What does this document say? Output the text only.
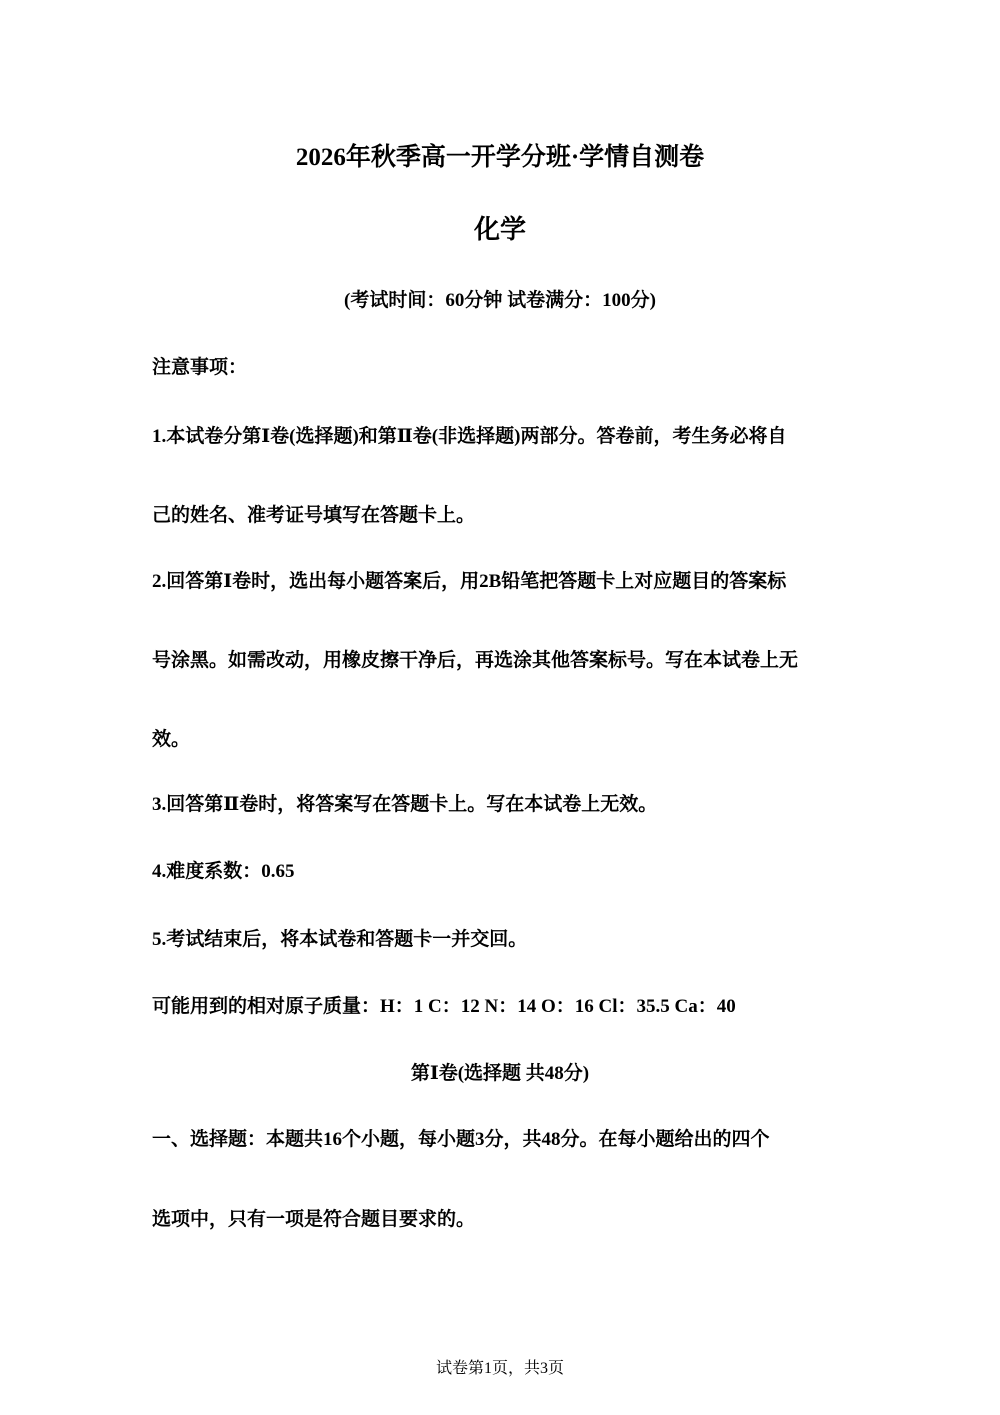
2026年秋季高一开学分班·学情自测卷
化学
(考试时间：60分钟 试卷满分：100分)
注意事项：
1.本试卷分第Ⅰ卷(选择题)和第Ⅱ卷(非选择题)两部分。答卷前，考生务必将自
己的姓名、准考证号填写在答题卡上。
2.回答第Ⅰ卷时，选出每小题答案后，用2B铅笔把答题卡上对应题目的答案标
号涂黑。如需改动，用橡皮擦干净后，再选涂其他答案标号。写在本试卷上无
效。
3.回答第Ⅱ卷时，将答案写在答题卡上。写在本试卷上无效。
4.难度系数：0.65
5.考试结束后，将本试卷和答题卡一并交回。
可能用到的相对原子质量：H：1 C：12 N：14 O：16 Cl：35.5 Ca：40
第Ⅰ卷(选择题 共48分)
一、选择题：本题共16个小题，每小题3分，共48分。在每小题给出的四个
选项中，只有一项是符合题目要求的。
试卷第1页，共3页
